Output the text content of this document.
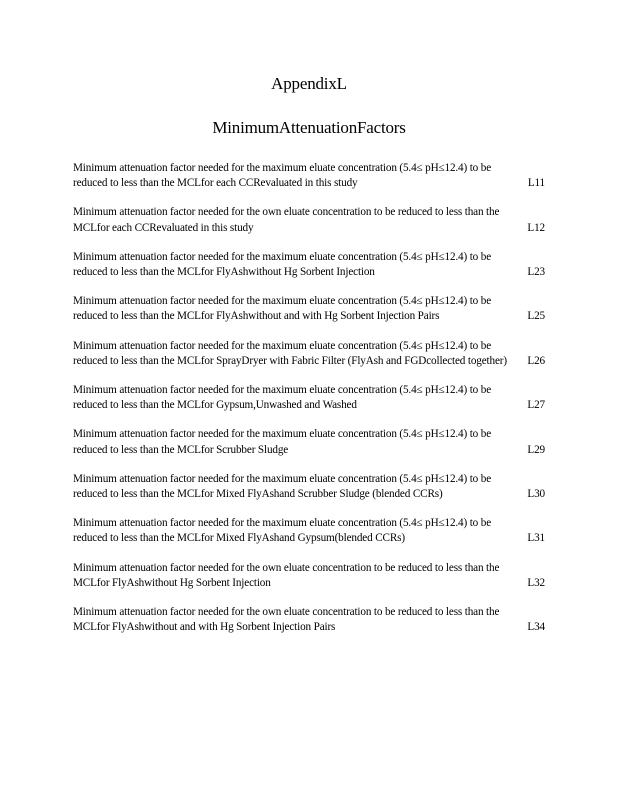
AppendixL
MinimumAttenuationFactors
Minimum attenuation factor needed for the maximum eluate concentration (5.4≤ pH≤12.4) to be reduced to less than the MCLfor each CCRevaluated in this study	L11
Minimum attenuation factor needed for the own eluate concentration to be reduced to less than the MCLfor each CCRevaluated in this study	L12
Minimum attenuation factor needed for the maximum eluate concentration (5.4≤ pH≤12.4) to be reduced to less than the MCLfor FlyAshwithout Hg Sorbent Injection	L23
Minimum attenuation factor needed for the maximum eluate concentration (5.4≤ pH≤12.4) to be reduced to less than the MCLfor FlyAshwithout and with Hg Sorbent Injection Pairs	L25
Minimum attenuation factor needed for the maximum eluate concentration (5.4≤ pH≤12.4) to be reduced to less than the MCLfor SprayDryer with Fabric Filter (FlyAsh and FGDcollected together)	L26
Minimum attenuation factor needed for the maximum eluate concentration (5.4≤ pH≤12.4) to be reduced to less than the MCLfor Gypsum,Unwashed and Washed	L27
Minimum attenuation factor needed for the maximum eluate concentration (5.4≤ pH≤12.4) to be reduced to less than the MCLfor Scrubber Sludge	L29
Minimum attenuation factor needed for the maximum eluate concentration (5.4≤ pH≤12.4) to be reduced to less than the MCLfor Mixed FlyAshand Scrubber Sludge (blended CCRs)	L30
Minimum attenuation factor needed for the maximum eluate concentration (5.4≤ pH≤12.4) to be reduced to less than the MCLfor Mixed FlyAshand Gypsum(blended CCRs)	L31
Minimum attenuation factor needed for the own eluate concentration to be reduced to less than the MCLfor FlyAshwithout Hg Sorbent Injection	L32
Minimum attenuation factor needed for the own eluate concentration to be reduced to less than the MCLfor FlyAshwithout and with Hg Sorbent Injection Pairs	L34
